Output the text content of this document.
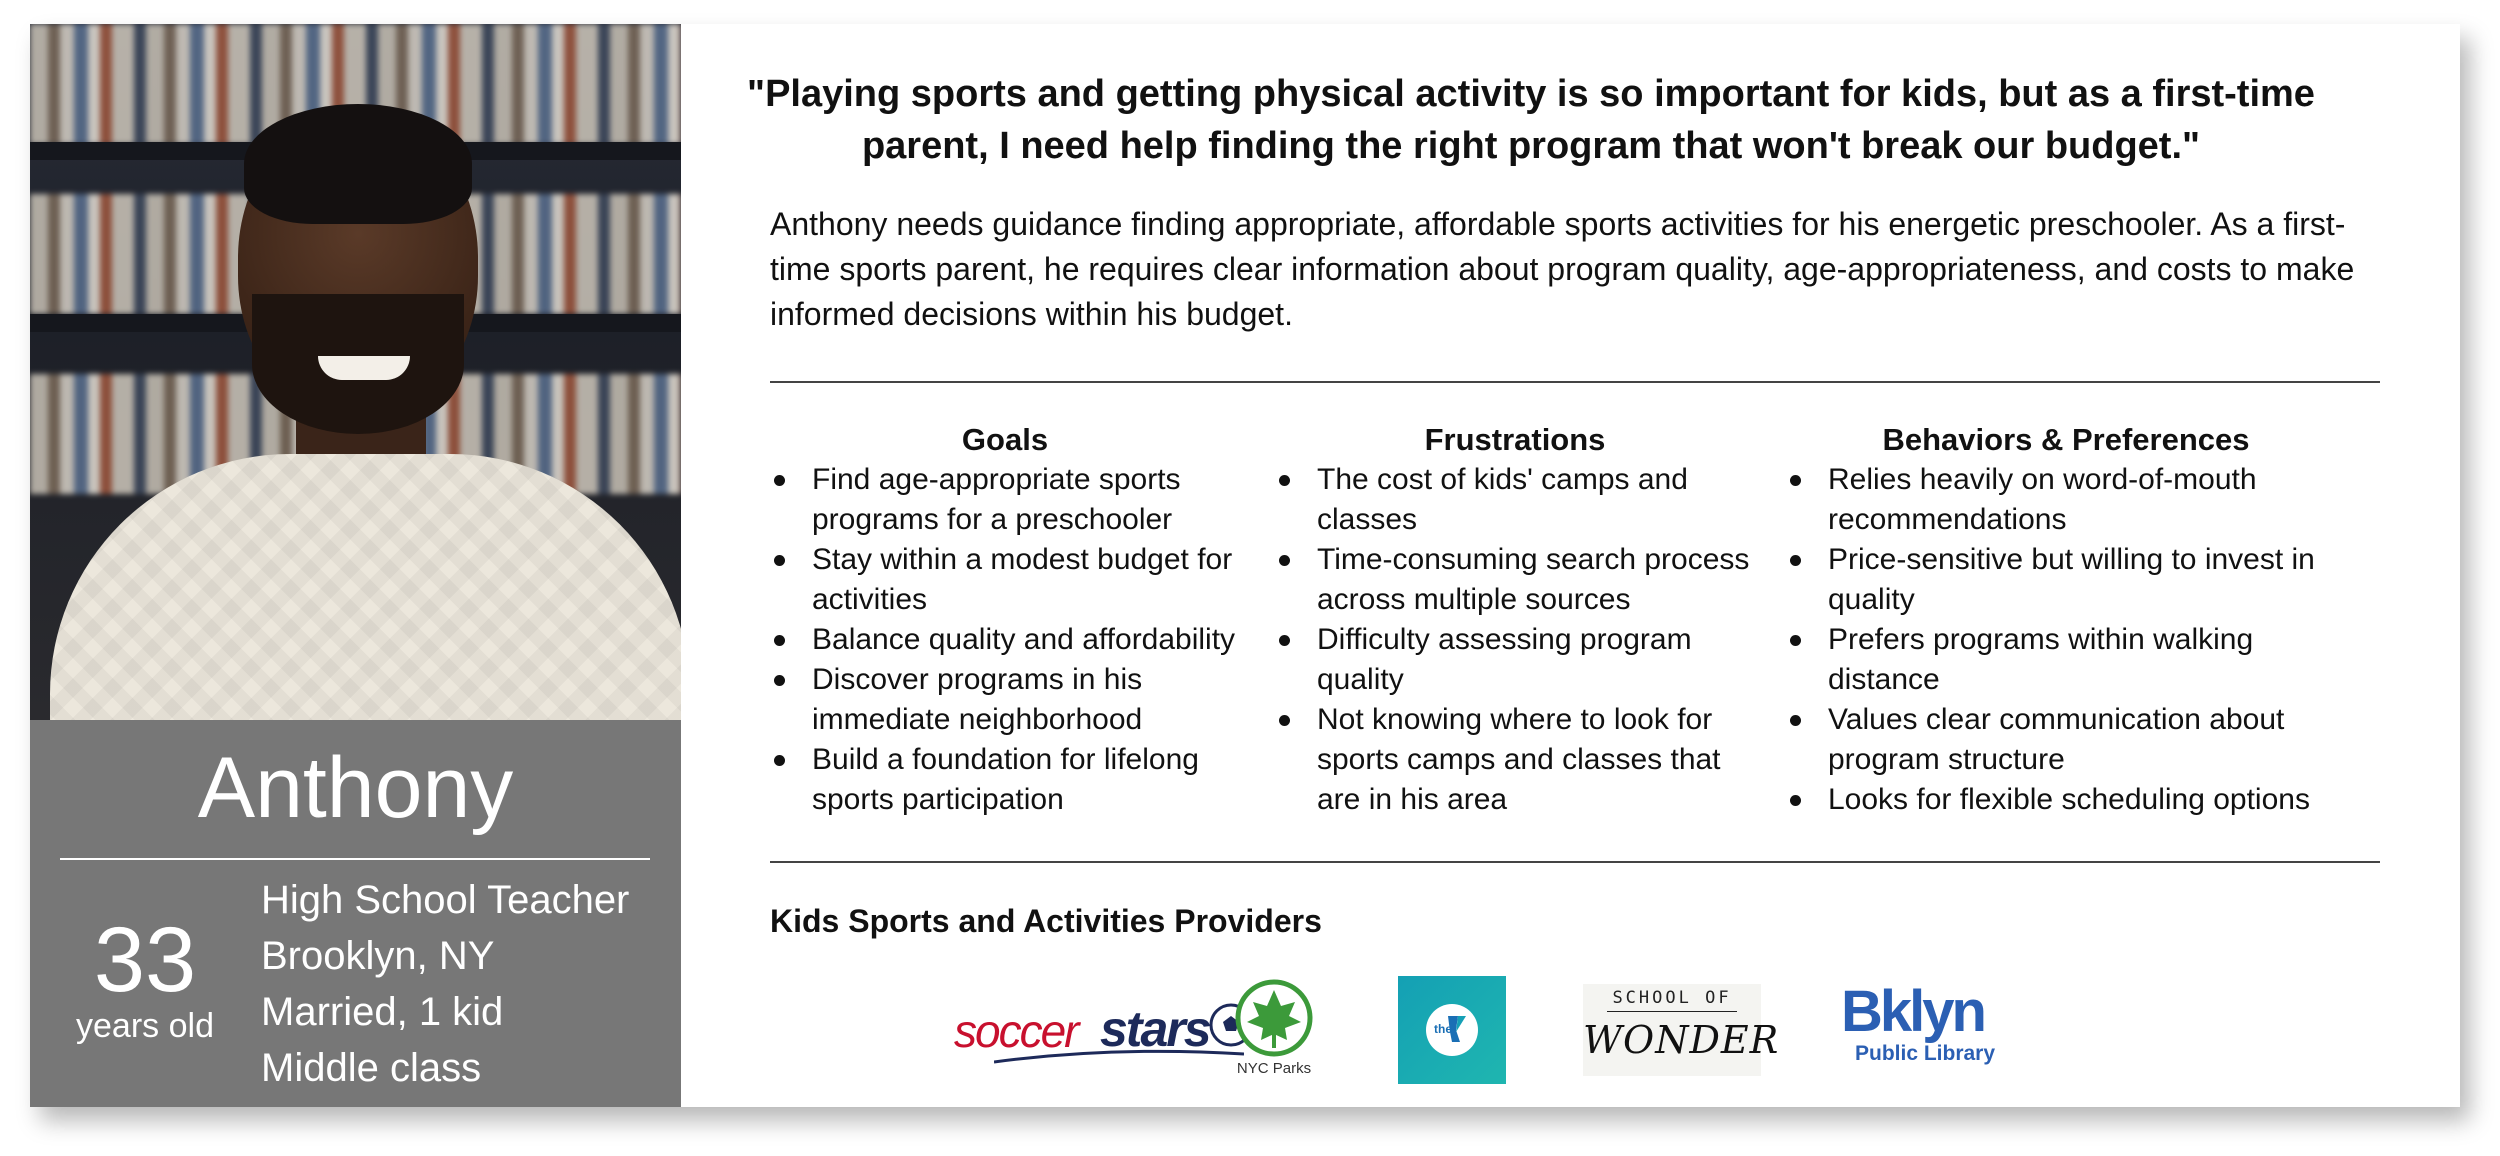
Anthony
33
years old
High School Teacher
Brooklyn, NY
Married, 1 kid
Middle class
"Playing sports and getting physical activity is so important for kids, but as a first-time parent, I need help finding the right program that won't break our budget."
Anthony needs guidance finding appropriate, affordable sports activities for his energetic preschooler. As a first-time sports parent, he requires clear information about program quality, age-appropriateness, and costs to make informed decisions within his budget.
Goals
Find age-appropriate sports programs for a preschooler
Stay within a modest budget for activities
Balance quality and affordability
Discover programs in his immediate neighborhood
Build a foundation for lifelong sports participation
Frustrations
The cost of kids' camps and classes
Time-consuming search process across multiple sources
Difficulty assessing program quality
Not knowing where to look for sports camps and classes that are in his area
Behaviors & Preferences
Relies heavily on word-of-mouth recommendations
Price-sensitive but willing to invest in quality
Prefers programs within walking distance
Values clear communication about program structure
Looks for flexible scheduling options
Kids Sports and Activities Providers
soccer stars
NYC Parks
the
SCHOOL OF
WONDER Bklyn
Public Library
